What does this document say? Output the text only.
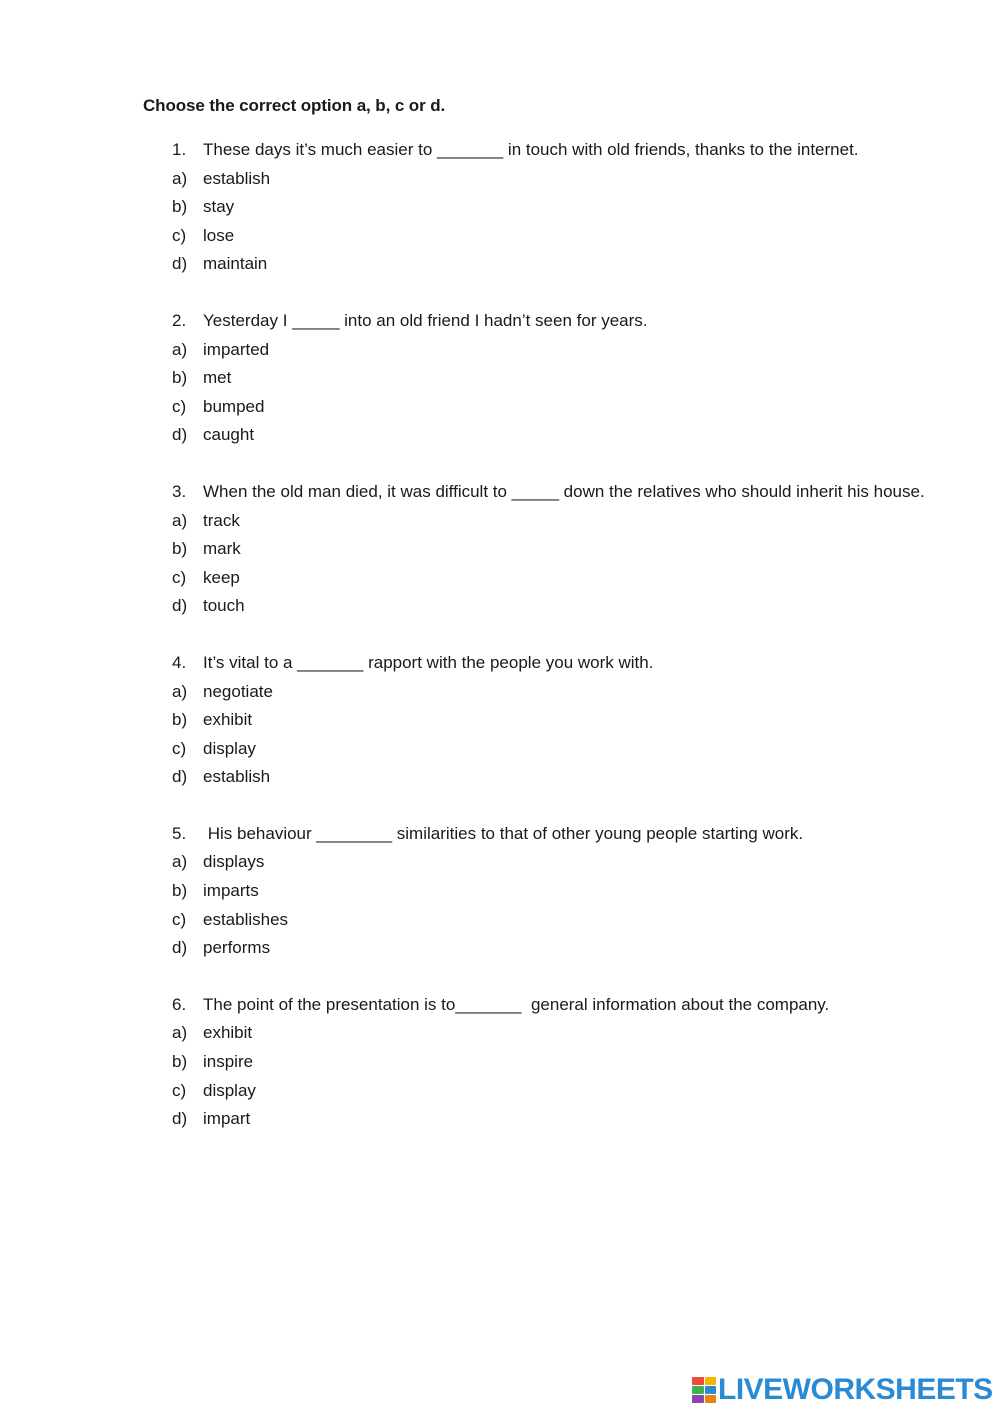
Choose the correct option a, b, c or d.
1. These days it’s much easier to _______ in touch with old friends, thanks to the internet.
a) establish
b) stay
c) lose
d) maintain
2. Yesterday I _____ into an old friend I hadn’t seen for years.
a) imparted
b) met
c) bumped
d) caught
3. When the old man died, it was difficult to _____ down the relatives who should inherit his house.
a) track
b) mark
c) keep
d) touch
4. It’s vital to a _______ rapport with the people you work with.
a) negotiate
b) exhibit
c) display
d) establish
5. His behaviour ________ similarities to that of other young people starting work.
a) displays
b) imparts
c) establishes
d) performs
6. The point of the presentation is to_______  general information about the company.
a) exhibit
b) inspire
c) display
d) impart
LIVEWORKSHEETS
